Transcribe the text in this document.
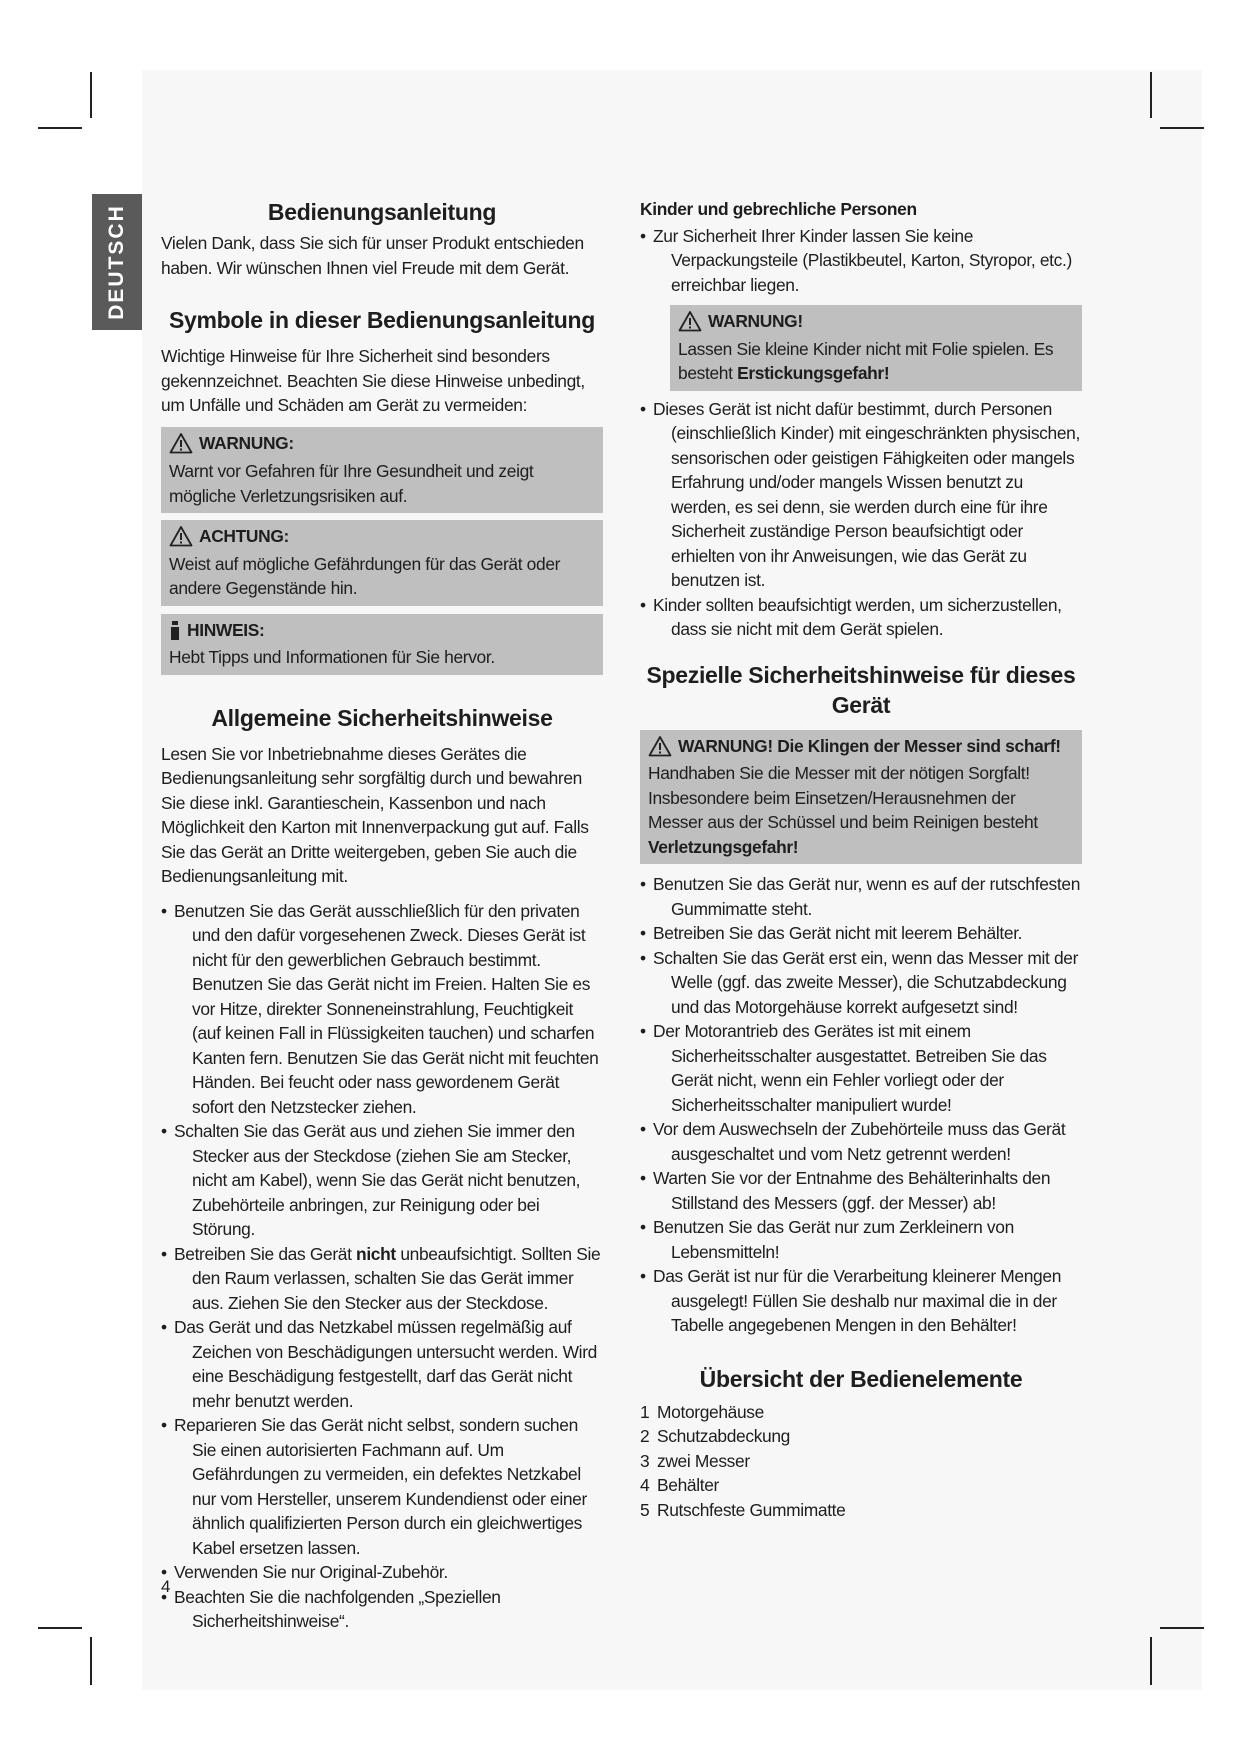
DEUTSCH	Bedienungsanleitung

Vielen Dank, dass Sie sich für unser Produkt entschieden haben. Wir wünschen Ihnen viel Freude mit dem Gerät.

Symbole in dieser Bedienungsanleitung

Wichtige Hinweise für Ihre Sicherheit sind besonders gekennzeichnet. Beachten Sie diese Hinweise unbedingt, um Unfälle und Schäden am Gerät zu vermeiden:

WARNUNG:

Warnt vor Gefahren für Ihre Gesundheit und zeigt mögliche Verletzungsrisiken auf.

ACHTUNG:

Weist auf mögliche Gefährdungen für das Gerät oder andere Gegenstände hin.

HINWEIS:

Hebt Tipps und Informationen für Sie hervor.

Allgemeine Sicherheitshinweise

Lesen Sie vor Inbetriebnahme dieses Gerätes die Bedienungsanleitung sehr sorgfältig durch und bewahren Sie diese inkl. Garantieschein, Kassenbon und nach Möglichkeit den Karton mit Innenverpackung gut auf. Falls Sie das Gerät an Dritte weitergeben, geben Sie auch die Bedienungsanleitung mit.

• Benutzen Sie das Gerät ausschließlich für den privaten und den dafür vorgesehenen Zweck. Dieses Gerät ist nicht für den gewerblichen Gebrauch bestimmt.
Benutzen Sie das Gerät nicht im Freien. Halten Sie es vor Hitze, direkter Sonneneinstrahlung, Feuchtigkeit (auf keinen Fall in Flüssigkeiten tauchen) und scharfen Kanten fern. Benutzen Sie das Gerät nicht mit feuchten Händen. Bei feucht oder nass gewordenem Gerät sofort den Netzstecker ziehen.
• Schalten Sie das Gerät aus und ziehen Sie immer den Stecker aus der Steckdose (ziehen Sie am Stecker, nicht am Kabel), wenn Sie das Gerät nicht benutzen, Zubehörteile anbringen, zur Reinigung oder bei Störung.
• Betreiben Sie das Gerät nicht unbeaufsichtigt. Sollten Sie den Raum verlassen, schalten Sie das Gerät immer aus. Ziehen Sie den Stecker aus der Steckdose.
• Das Gerät und das Netzkabel müssen regelmäßig auf Zeichen von Beschädigungen untersucht werden. Wird eine Beschädigung festgestellt, darf das Gerät nicht mehr benutzt werden.
• Reparieren Sie das Gerät nicht selbst, sondern suchen Sie einen autorisierten Fachmann auf. Um Gefährdungen zu vermeiden, ein defektes Netzkabel nur vom Hersteller, unserem Kundendienst oder einer ähnlich qualifizierten Person durch ein gleichwertiges Kabel ersetzen lassen.
• Verwenden Sie nur Original-Zubehör.
• Beachten Sie die nachfolgenden „Speziellen Sicherheitshinweise“.

Kinder und gebrechliche Personen

• Zur Sicherheit Ihrer Kinder lassen Sie keine Verpackungsteile (Plastikbeutel, Karton, Styropor, etc.) erreichbar liegen.
WARNUNG!

Lassen Sie kleine Kinder nicht mit Folie spielen. Es besteht Erstickungsgefahr!

• Dieses Gerät ist nicht dafür bestimmt, durch Personen (einschließlich Kinder) mit eingeschränkten physischen, sensorischen oder geistigen Fähigkeiten oder mangels Erfahrung und/oder mangels Wissen benutzt zu werden, es sei denn, sie werden durch eine für ihre Sicherheit zuständige Person beaufsichtigt oder erhielten von ihr Anweisungen, wie das Gerät zu benutzen ist.
• Kinder sollten beaufsichtigt werden, um sicherzustellen, dass sie nicht mit dem Gerät spielen.
Spezielle Sicherheitshinweise für dieses Gerät
WARNUNG! Die Klingen der Messer sind scharf!

Handhaben Sie die Messer mit der nötigen Sorgfalt!

Insbesondere beim Einsetzen/Herausnehmen der Messer aus der Schüssel und beim Reinigen besteht Verletzungsgefahr!

• Benutzen Sie das Gerät nur, wenn es auf der rutschfesten Gummimatte steht.
• Betreiben Sie das Gerät nicht mit leerem Behälter.
• Schalten Sie das Gerät erst ein, wenn das Messer mit der Welle (ggf. das zweite Messer), die Schutzabdeckung und das Motorgehäuse korrekt aufgesetzt sind!
• Der Motorantrieb des Gerätes ist mit einem Sicherheitsschalter ausgestattet. Betreiben Sie das Gerät nicht, wenn ein Fehler vorliegt oder der Sicherheitsschalter manipuliert wurde!
• Vor dem Auswechseln der Zubehörteile muss das Gerät ausgeschaltet und vom Netz getrennt werden!
• Warten Sie vor der Entnahme des Behälterinhalts den Stillstand des Messers (ggf. der Messer) ab!
• Benutzen Sie das Gerät nur zum Zerkleinern von Lebensmitteln!
• Das Gerät ist nur für die Verarbeitung kleinerer Mengen ausgelegt! Füllen Sie deshalb nur maximal die in der Tabelle angegebenen Mengen in den Behälter!
Übersicht der Bedienelemente
1 Motorgehäuse
2 Schutzabdeckung
3 zwei Messer
4 Behälter
5 Rutschfeste Gummimatte
4
